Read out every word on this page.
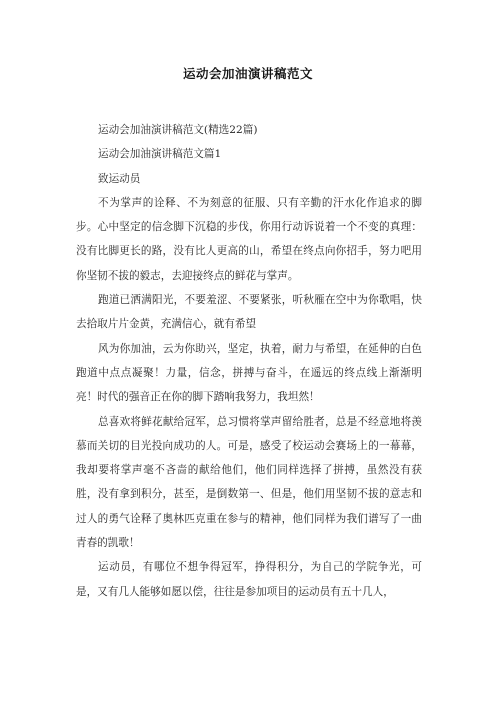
运动会加油演讲稿范文

运动会加油演讲稿范文(精选22篇)

运动会加油演讲稿范文篇1

致运动员

不为掌声的诠释、不为刻意的征服、只有辛勤的汗水化作追求的脚步。心中坚定的信念脚下沉稳的步伐，你用行动诉说着一个不变的真理：没有比脚更长的路，没有比人更高的山，希望在终点向你招手，努力吧用你坚韧不拔的毅志，去迎接终点的鲜花与掌声。

跑道已洒满阳光，不要羞涩、不要紧张，听秋雁在空中为你歌唱，快去拾取片片金黄，充满信心，就有希望

风为你加油，云为你助兴，坚定，执着，耐力与希望，在延伸的白色跑道中点点凝聚！力量，信念，拼搏与奋斗，在遥远的终点线上渐渐明亮！时代的强音正在你的脚下踏响我努力，我坦然！

总喜欢将鲜花献给冠军，总习惯将掌声留给胜者，总是不经意地将羡慕而关切的目光投向成功的人。可是，感受了校运动会赛场上的一幕幕，我却要将掌声毫不吝啬的献给他们，他们同样选择了拼搏，虽然没有获胜，没有拿到积分，甚至，是倒数第一、但是，他们用坚韧不拔的意志和过人的勇气诠释了奥林匹克重在参与的精神，他们同样为我们谱写了一曲青春的凯歌！

运动员，有哪位不想争得冠军，挣得积分，为自己的学院争光，可是，又有几人能够如愿以偿，往往是参加项目的运动员有五十几人，
